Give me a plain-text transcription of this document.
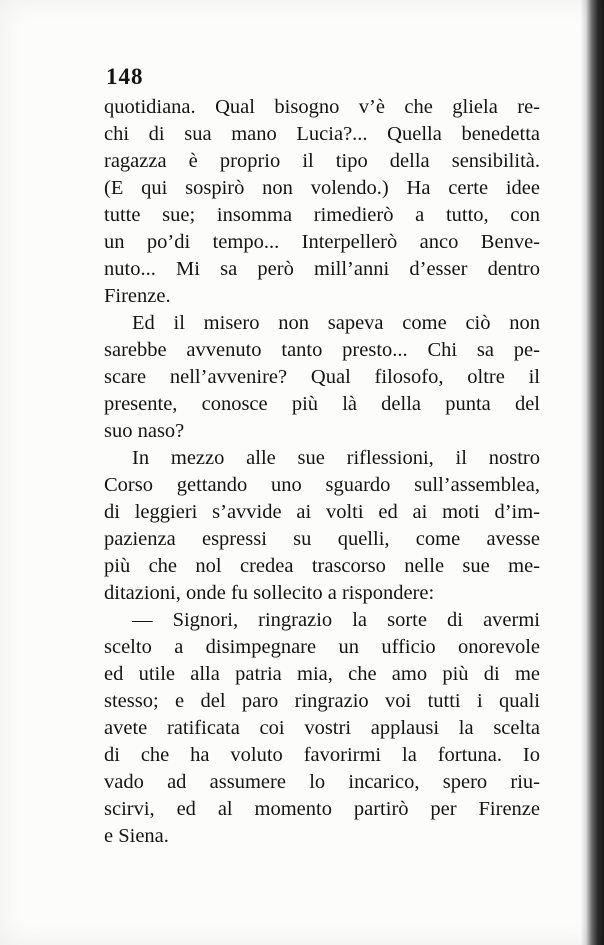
148
quotidiana. Qual bisogno v’è che gliela re-
chi di sua mano Lucia?... Quella benedetta
ragazza è proprio il tipo della sensibilità.
(E qui sospirò non volendo.) Ha certe idee
tutte sue; insomma rimedierò a tutto, con
un po’di tempo... Interpellerò anco Benve-
nuto... Mi sa però mill’anni d’esser dentro
Firenze.
Ed il misero non sapeva come ciò non
sarebbe avvenuto tanto presto... Chi sa pe-
scare nell’avvenire? Qual filosofo, oltre il
presente, conosce più là della punta del
suo naso?
In mezzo alle sue riflessioni, il nostro
Corso gettando uno sguardo sull’assemblea,
di leggieri s’avvide ai volti ed ai moti d’im-
pazienza espressi su quelli, come avesse
più che nol credea trascorso nelle sue me-
ditazioni, onde fu sollecito a rispondere:
— Signori, ringrazio la sorte di avermi
scelto a disimpegnare un ufficio onorevole
ed utile alla patria mia, che amo più di me
stesso; e del paro ringrazio voi tutti i quali
avete ratificata coi vostri applausi la scelta
di che ha voluto favorirmi la fortuna. Io
vado ad assumere lo incarico, spero riu-
scirvi, ed al momento partirò per Firenze
e Siena.
